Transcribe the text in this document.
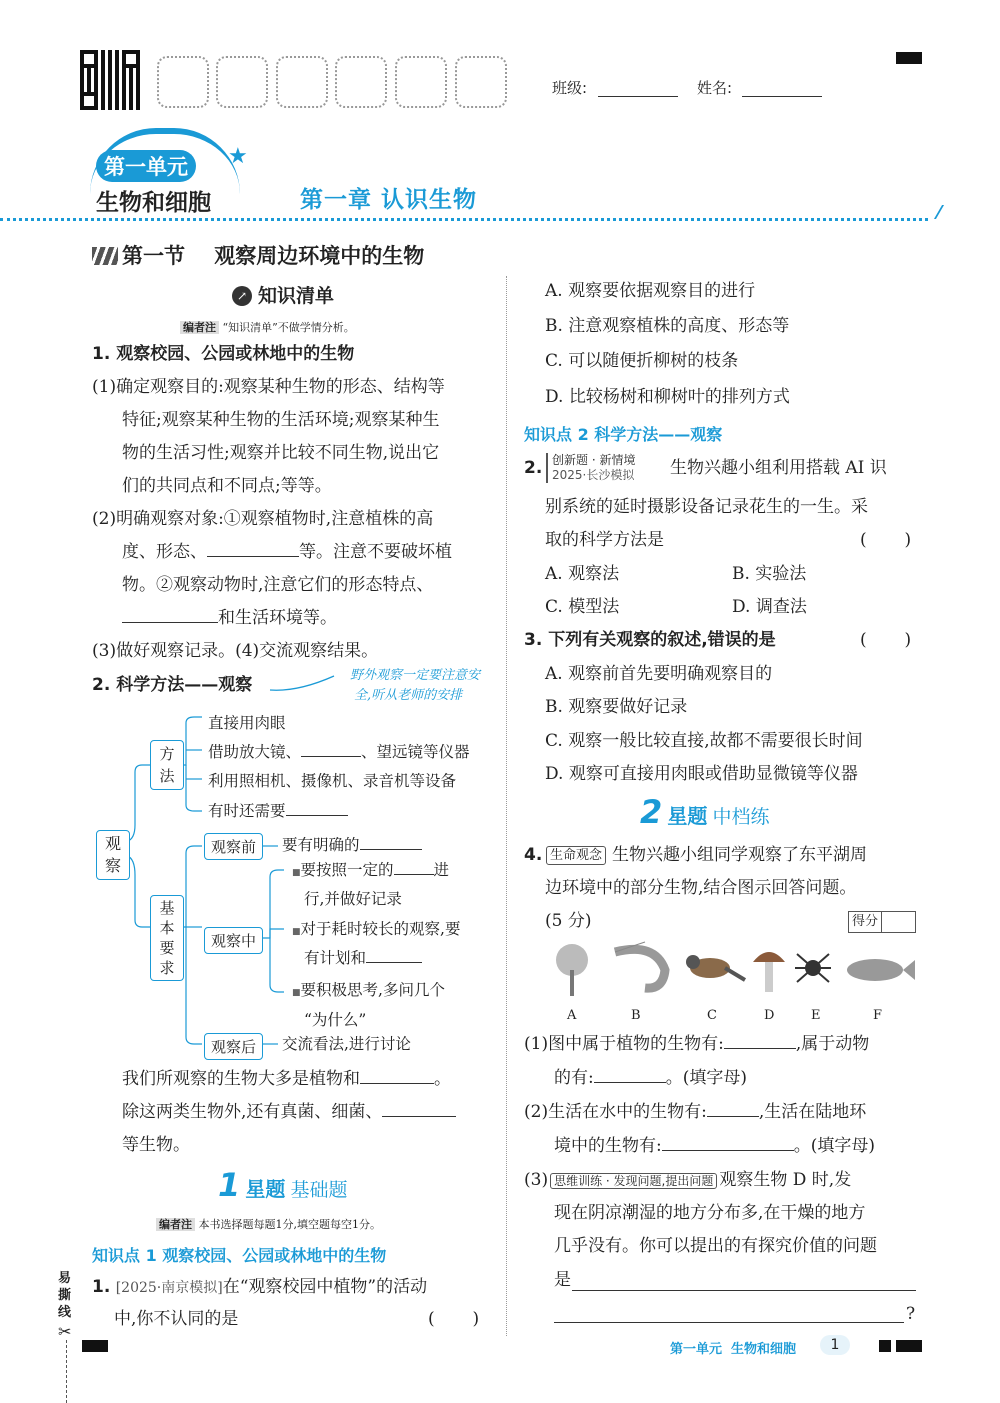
班级:	姓名:
第一单元	★
生物和细胞	第一章 认识生物
第一节    观察周边环境中的生物
↗ 知识清单
编者注 “知识清单”不做学情分析。
1. 观察校园、公园或林地中的生物
(1)确定观察目的:观察某种生物的形态、结构等
特征;观察某种生物的生活环境;观察某种生
物的生活习性;观察并比较不同生物,说出它
们的共同点和不同点;等等。
(2)明确观察对象:①观察植物时,注意植株的高
度、形态、	等。注意不要破坏植
物。②观察动物时,注意它们的形态特点、
和生活环境等。
(3)做好观察记录。(4)交流观察结果。
2. 科学方法——观察	野外观察一定要注意安
全,听从老师的安排
观察
方法
基本要求
直接用肉眼
借助放大镜、	、望远镜等仪器
利用照相机、摄像机、录音机等设备
有时还需要
观察前	要有明确的
观察中
■要按照一定的	进
行,并做好记录
■对于耗时较长的观察,要
有计划和
■要积极思考,多问几个
“为什么”
观察后	交流看法,进行讨论
我们所观察的生物大多是植物和	。
除这两类生物外,还有真菌、细菌、
等生物。
1 星题 基础题
编者注 本书选择题每题1分,填空题每空1分。
知识点 1 观察校园、公园或林地中的生物
1. [2025·南京模拟]在“观察校园中植物”的活动
中,你不认同的是	(       )
易撕线
✂
A. 观察要依据观察目的进行
B. 注意观察植株的高度、形态等
C. 可以随便折柳树的枝条
D. 比较杨树和柳树叶的排列方式
知识点 2 科学方法——观察
2. 创新题 · 新情境
2025·长沙模拟 生物兴趣小组利用搭载 AI 识
别系统的延时摄影设备记录花生的一生。采
取的科学方法是	(       )
A. 观察法	B. 实验法
C. 模型法	D. 调查法
3. 下列有关观察的叙述,错误的是	(       )
A. 观察前首先要明确观察目的
B. 观察要做好记录
C. 观察一般比较直接,故都不需要很长时间
D. 观察可直接用肉眼或借助显微镜等仪器
2 星题 中档练
4. 生命观念 生物兴趣小组同学观察了东平湖周
边环境中的部分生物,结合图示回答问题。
(5 分)	得分
A	B	C	D	E	F
(1)图中属于植物的生物有:	,属于动物
的有:	。(填字母)
(2)生活在水中的生物有:	,生活在陆地环
境中的生物有:	。(填字母)
(3) 思维训练 · 发现问题,提出问题 观察生物 D 时,发
现在阴凉潮湿的地方分布多,在干燥的地方
几乎没有。你可以提出的有探究价值的问题
是
?
第一单元  生物和细胞	1
